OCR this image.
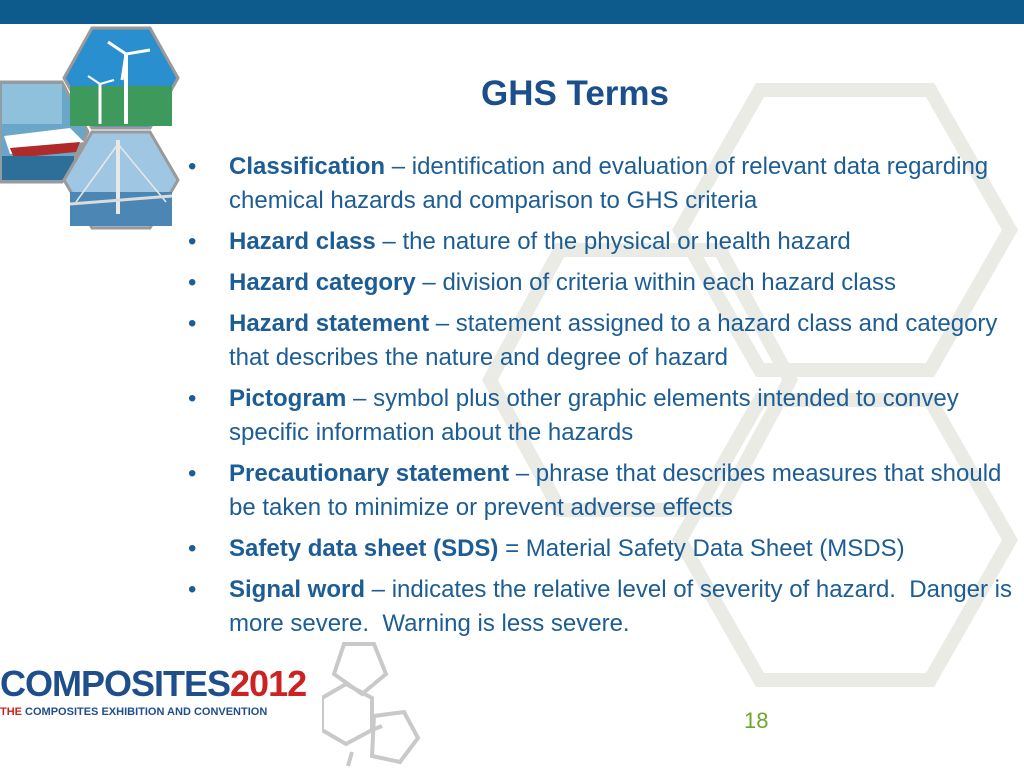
GHS Terms
• Classification – identification and evaluation of relevant data regarding chemical hazards and comparison to GHS criteria
• Hazard class – the nature of the physical or health hazard
• Hazard category – division of criteria within each hazard class
• Hazard statement – statement assigned to a hazard class and category that describes the nature and degree of hazard
• Pictogram – symbol plus other graphic elements intended to convey specific information about the hazards
• Precautionary statement – phrase that describes measures that should be taken to minimize or prevent adverse effects
• Safety data sheet (SDS) = Material Safety Data Sheet (MSDS)
• Signal word – indicates the relative level of severity of hazard.  Danger is more severe.  Warning is less severe.
COMPOSITES2012
THE COMPOSITES EXHIBITION AND CONVENTION	18
